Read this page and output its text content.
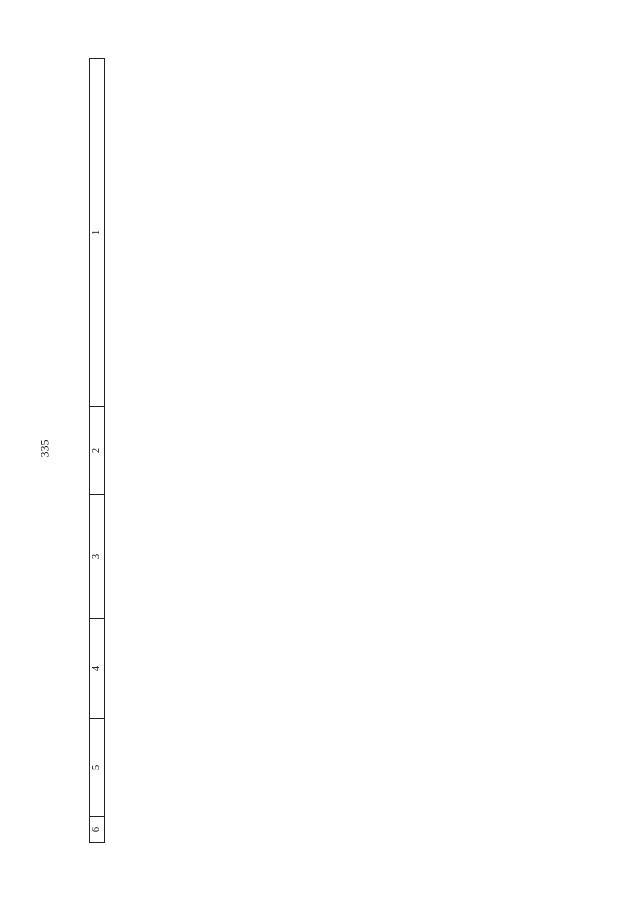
335
6	5	4	3	2	1
